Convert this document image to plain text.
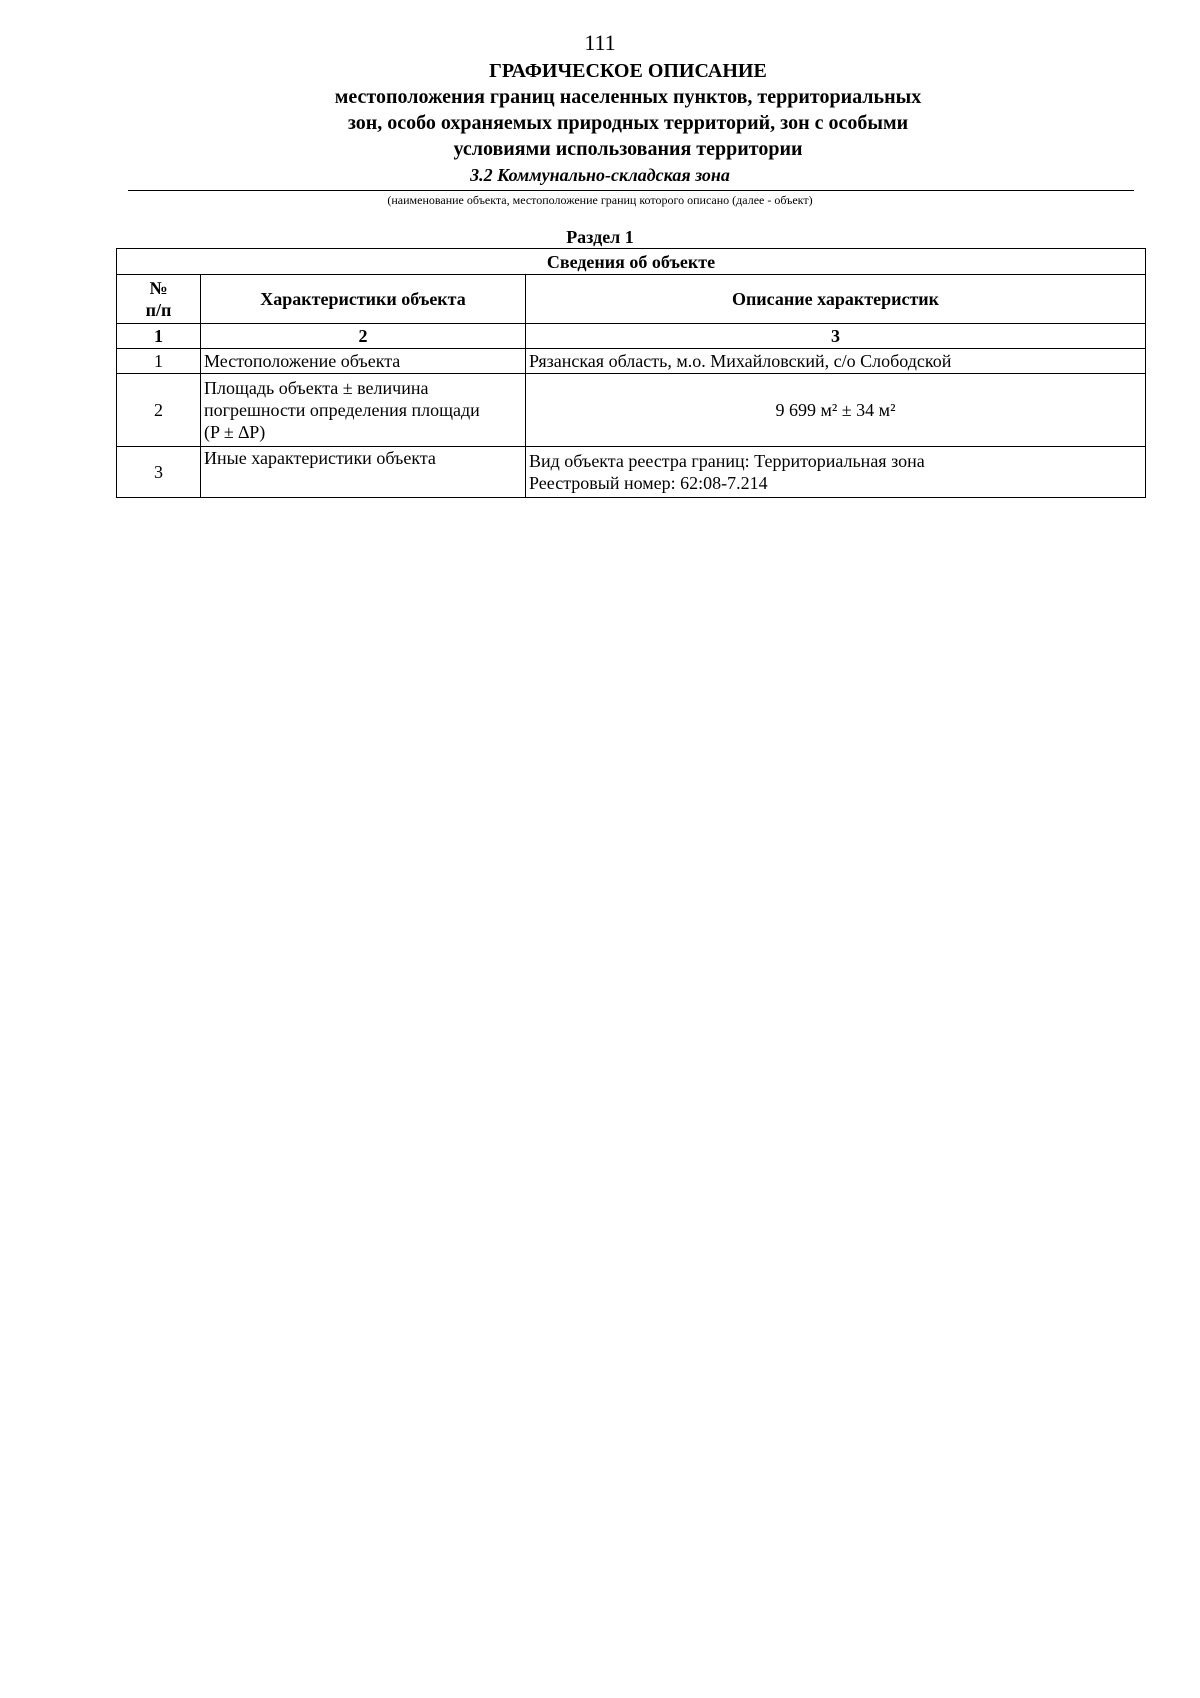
111
ГРАФИЧЕСКОЕ ОПИСАНИЕ
местоположения границ населенных пунктов, территориальных
зон, особо охраняемых природных территорий, зон с особыми
условиями использования территории
3.2 Коммунально-складская зона
(наименование объекта, местоположение границ которого описано (далее - объект)
Раздел 1
Сведения об объекте		

№
п/п	Характеристики объекта	Описание характеристик
1	2	3
1	Местоположение объекта	Рязанская область, м.о. Михайловский, с/о Слободской

2	Площадь объекта ± величина
погрешности определения площади
(P ± ∆P)	9 699 м² ± 34 м²

3	Иные характеристики объекта	Вид объекта реестра границ: Территориальная зона
Реестровый номер: 62:08-7.214
